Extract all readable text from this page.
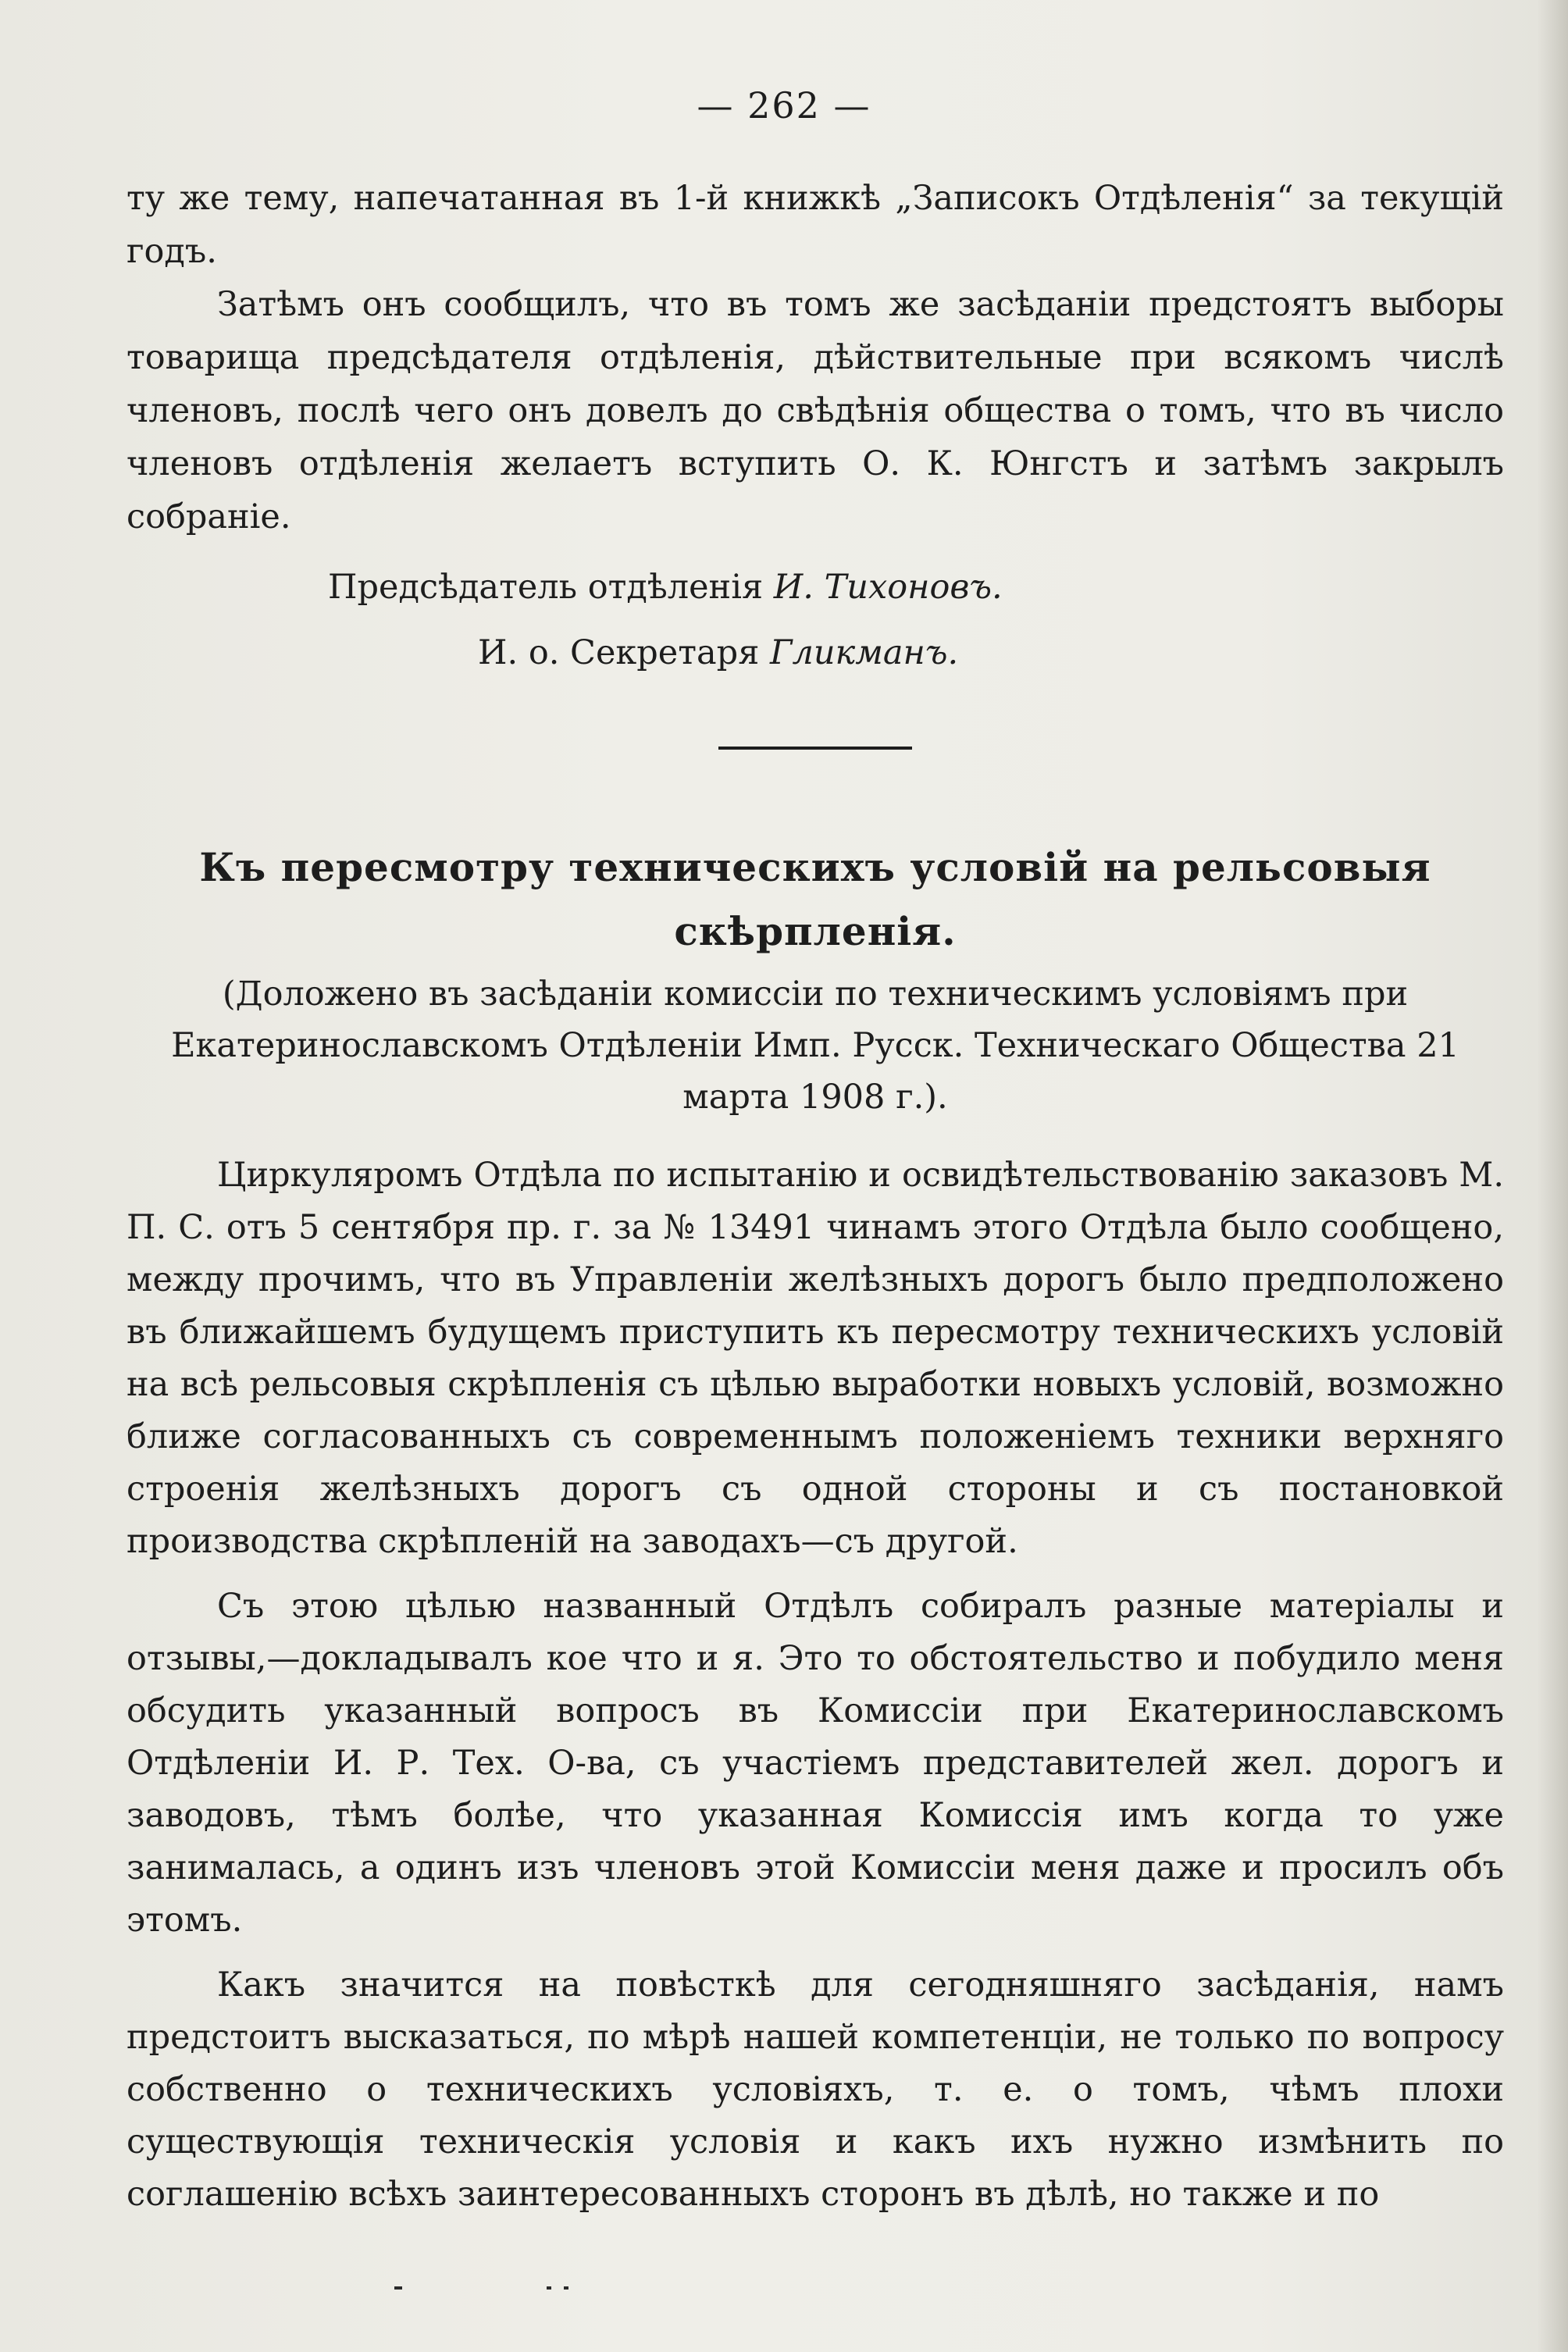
— 262 —

ту же тему, напечатанная въ 1-й книжкѣ „Записокъ Отдѣленія“ за текущій годъ.

Затѣмъ онъ сообщилъ, что въ томъ же засѣданіи предстоятъ выборы товарища предсѣдателя отдѣленія, дѣйствительные при всякомъ числѣ членовъ, послѣ чего онъ довелъ до свѣдѣнія общества о томъ, что въ число членовъ отдѣленія желаетъ вступить О. К. Юнгстъ и затѣмъ закрылъ собраніе.

Предсѣдатель отдѣленія И. Тихоновъ.

И. о. Секретаря Гликманъ.

Къ пересмотру техническихъ условій на рельсовыя скѣрпленія.
(Доложено въ засѣданіи комиссіи по техническимъ условіямъ при Екатеринославскомъ Отдѣленіи Имп. Русск. Техническаго Общества 21 марта 1908 г.).

Циркуляромъ Отдѣла по испытанію и освидѣтельствованію заказовъ М. П. С. отъ 5 сентября пр. г. за № 13491 чинамъ этого Отдѣла было сообщено, между прочимъ, что въ Управленіи желѣзныхъ дорогъ было предположено въ ближайшемъ будущемъ приступить къ пересмотру техническихъ условій на всѣ рельсовыя скрѣпленія съ цѣлью выработки новыхъ условій, возможно ближе согласованныхъ съ современнымъ положеніемъ техники верхняго строенія желѣзныхъ дорогъ съ одной стороны и съ постановкой производства скрѣпленій на заводахъ—съ другой.

Съ этою цѣлью названный Отдѣлъ собиралъ разные матеріалы и отзывы,—докладывалъ кое что и я. Это то обстоятельство и побудило меня обсудить указанный вопросъ въ Комиссіи при Екатеринославскомъ Отдѣленіи И. Р. Тех. О-ва, съ участіемъ представителей жел. дорогъ и заводовъ, тѣмъ болѣе, что указанная Комиссія имъ когда то уже занималась, а одинъ изъ членовъ этой Комиссіи меня даже и просилъ объ этомъ.

Какъ значится на повѣсткѣ для сегодняшняго засѣданія, намъ предстоитъ высказаться, по мѣрѣ нашей компетенціи, не только по вопросу собственно о техническихъ условіяхъ, т. е. о томъ, чѣмъ плохи существующія техническія условія и какъ ихъ нужно измѣнить по соглашенію всѣхъ заинтересованныхъ сторонъ въ дѣлѣ, но также и по
